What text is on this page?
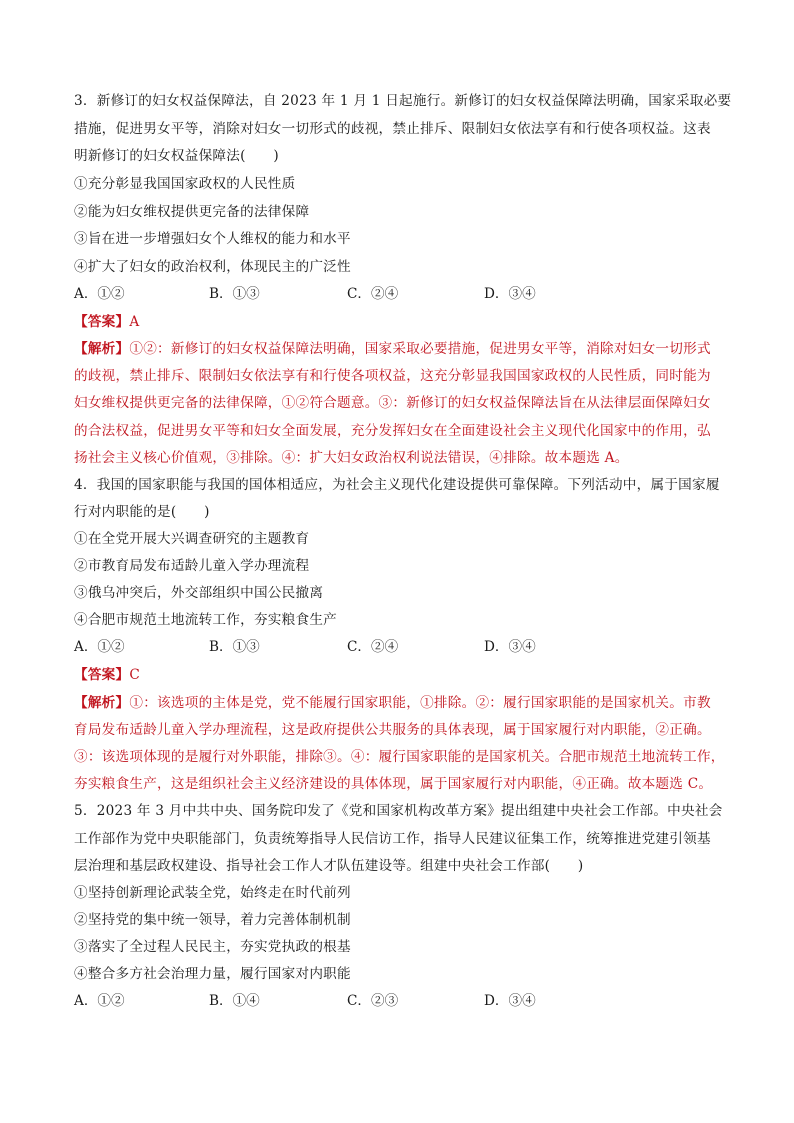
3．新修订的妇女权益保障法，自 2023 年 1 月 1 日起施行。新修订的妇女权益保障法明确，国家采取必要
措施，促进男女平等，消除对妇女一切形式的歧视，禁止排斥、限制妇女依法享有和行使各项权益。这表
明新修订的妇女权益保障法(　　)
①充分彰显我国国家政权的人民性质
②能为妇女维权提供更完备的法律保障
③旨在进一步增强妇女个人维权的能力和水平
④扩大了妇女的政治权利，体现民主的广泛性
A．①②	B．①③	C．②④	D．③④
【答案】A
【解析】①②：新修订的妇女权益保障法明确，国家采取必要措施，促进男女平等，消除对妇女一切形式
的歧视，禁止排斥、限制妇女依法享有和行使各项权益，这充分彰显我国国家政权的人民性质，同时能为
妇女维权提供更完备的法律保障，①②符合题意。③：新修订的妇女权益保障法旨在从法律层面保障妇女
的合法权益，促进男女平等和妇女全面发展，充分发挥妇女在全面建设社会主义现代化国家中的作用，弘
扬社会主义核心价值观，③排除。④：扩大妇女政治权利说法错误，④排除。故本题选 A。
4．我国的国家职能与我国的国体相适应，为社会主义现代化建设提供可靠保障。下列活动中，属于国家履
行对内职能的是(　　)
①在全党开展大兴调查研究的主题教育
②市教育局发布适龄儿童入学办理流程
③俄乌冲突后，外交部组织中国公民撤离
④合肥市规范土地流转工作，夯实粮食生产
A．①②	B．①③	C．②④	D．③④
【答案】C
【解析】①：该选项的主体是党，党不能履行国家职能，①排除。②：履行国家职能的是国家机关。市教
育局发布适龄儿童入学办理流程，这是政府提供公共服务的具体表现，属于国家履行对内职能，②正确。
③：该选项体现的是履行对外职能，排除③。④：履行国家职能的是国家机关。合肥市规范土地流转工作，
夯实粮食生产，这是组织社会主义经济建设的具体体现，属于国家履行对内职能，④正确。故本题选 C。
5．2023 年 3 月中共中央、国务院印发了《党和国家机构改革方案》提出组建中央社会工作部。中央社会
工作部作为党中央职能部门，负责统筹指导人民信访工作，指导人民建议征集工作，统筹推进党建引领基
层治理和基层政权建设、指导社会工作人才队伍建设等。组建中央社会工作部(　　)
①坚持创新理论武装全党，始终走在时代前列
②坚持党的集中统一领导，着力完善体制机制
③落实了全过程人民民主，夯实党执政的根基
④整合多方社会治理力量，履行国家对内职能
A．①②	B．①④	C．②③	D．③④
